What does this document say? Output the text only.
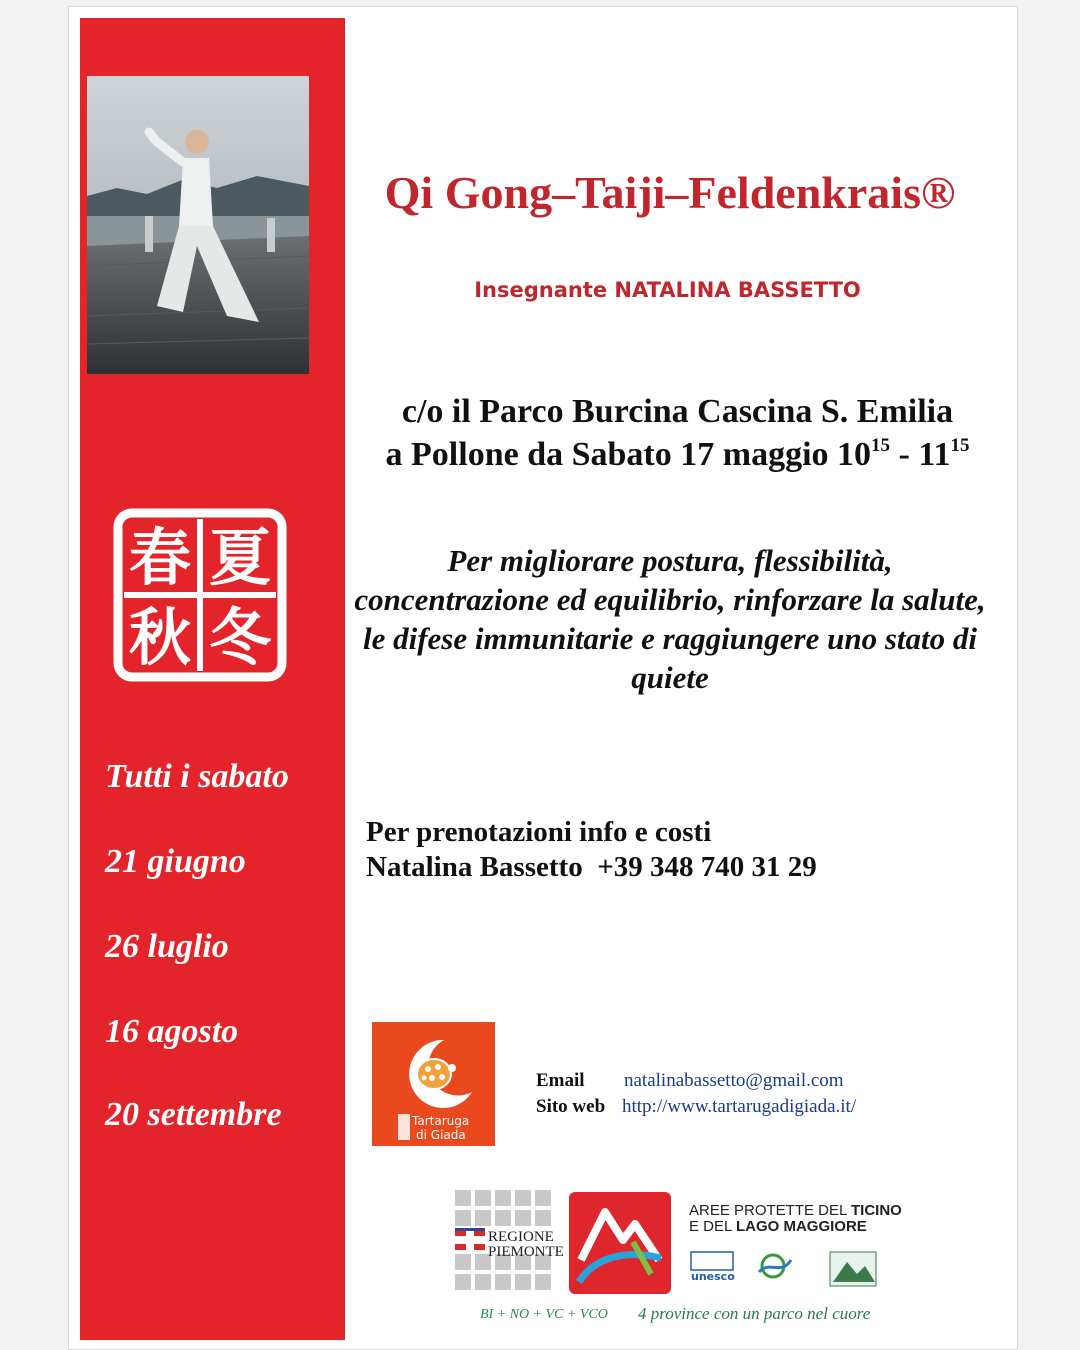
春 夏
秋 冬
Tutti i sabato
21 giugno
26 luglio
16 agosto
20 settembre
Qi Gong–Taiji–Feldenkrais®
Insegnante NATALINA BASSETTO
c/o il Parco Burcina Cascina S. Emilia
a Pollone da Sabato 17 maggio $10^{15} - 11^{15}$
Per migliorare postura, flessibilità, concentrazione ed equilibrio, rinforzare la salute, le difese immunitarie e raggiungere uno stato di quiete
Per prenotazioni info e costi
Natalina Bassetto  +39 348 740 31 29
Tartaruga
di Giada
Email natalinabassetto@gmail.com
Sito web http://www.tartarugadigiada.it/
REGIONE
PIEMONTE
AREE PROTETTE DEL TICINO
E DEL LAGO MAGGIORE
unesco
BI + NO + VC + VCO 4 province con un parco nel cuore
